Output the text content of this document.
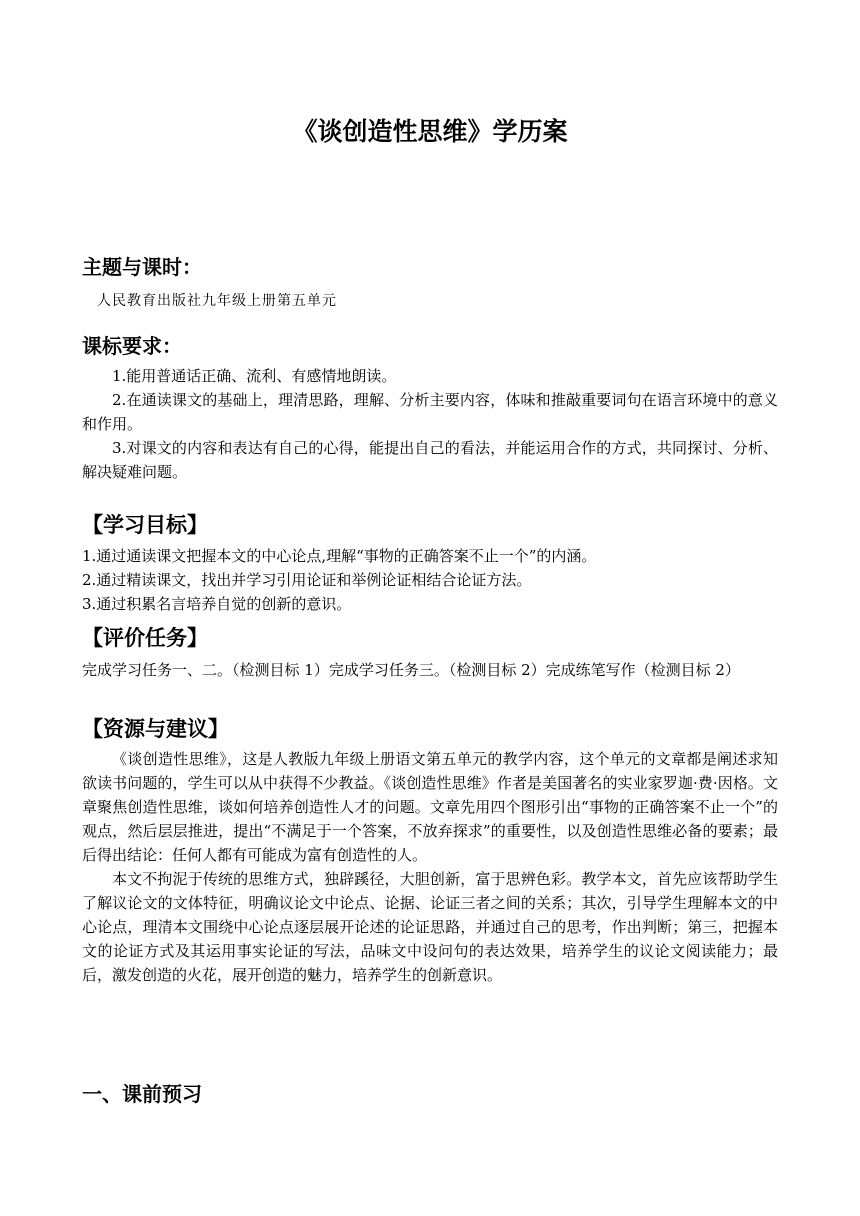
《谈创造性思维》学历案
主题与课时：

人民教育出版社九年级上册第五单元

课标要求：

1.能用普通话正确、流利、有感情地朗读。

2.在通读课文的基础上，理清思路，理解、分析主要内容，体味和推敲重要词句在语言环境中的意义和作用。

3.对课文的内容和表达有自己的心得，能提出自己的看法，并能运用合作的方式，共同探讨、分析、解决疑难问题。

【学习目标】

1.通过通读课文把握本文的中心论点,理解“事物的正确答案不止一个”的内涵。

2.通过精读课文，找出并学习引用论证和举例论证相结合论证方法。

3.通过积累名言培养自觉的创新的意识。

【评价任务】

完成学习任务一、二。（检测目标 1）完成学习任务三。（检测目标 2）完成练笔写作（检测目标 2）

【资源与建议】

《谈创造性思维》，这是人教版九年级上册语文第五单元的教学内容，这个单元的文章都是阐述求知欲读书问题的，学生可以从中获得不少教益。《谈创造性思维》作者是美国著名的实业家罗迦·费·因格。文章聚焦创造性思维，谈如何培养创造性人才的问题。文章先用四个图形引出“事物的正确答案不止一个”的观点，然后层层推进，提出“不满足于一个答案，不放弃探求”的重要性，以及创造性思维必备的要素；最后得出结论：任何人都有可能成为富有创造性的人。

本文不拘泥于传统的思维方式，独辟蹊径，大胆创新，富于思辨色彩。教学本文，首先应该帮助学生了解议论文的文体特征，明确议论文中论点、论据、论证三者之间的关系；其次，引导学生理解本文的中心论点，理清本文围绕中心论点逐层展开论述的论证思路，并通过自己的思考，作出判断；第三，把握本文的论证方式及其运用事实论证的写法，品味文中设问句的表达效果，培养学生的议论文阅读能力；最后，激发创造的火花，展开创造的魅力，培养学生的创新意识。

一、课前预习
